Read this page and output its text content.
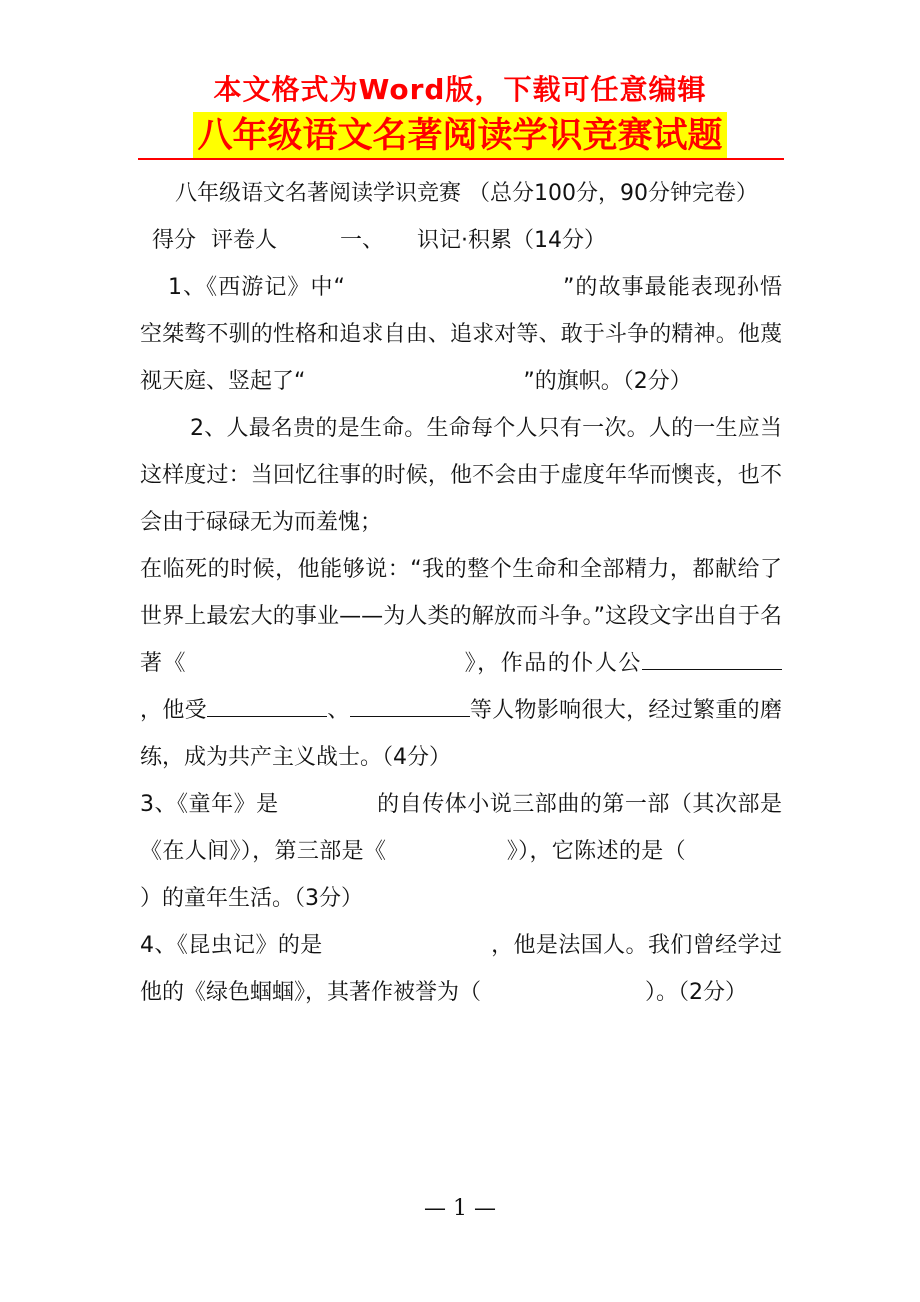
本文格式为Word版，下载可任意编辑
八年级语文名著阅读学识竞赛试题

八年级语文名著阅读学识竞赛 （总分100分，90分钟完卷）

得分 评卷人	一、 识记·积累（14分）

1、《西游记》中“	”的故事最能表现孙悟空桀骜不驯的性格和追求自由、追求对等、敢于斗争的精神。他蔑视天庭、竖起了“	”的旗帜。（2分）

2、人最名贵的是生命。生命每个人只有一次。人的一生应当这样度过：当回忆往事的时候，他不会由于虚度年华而懊丧，也不会由于碌碌无为而羞愧；

在临死的时候，他能够说：“我的整个生命和全部精力，都献给了世界上最宏大的事业——为人类的解放而斗争。”这段文字出自于名著《	》，作品的仆人公，他受	、	等人物影响很大，经过繁重的磨练，成为共产主义战士。（4分）

3、《童年》是	的自传体小说三部曲的第一部（其次部是《在人间》），第三部是《	》），它陈述的是（）的童年生活。（3分）

4、《昆虫记》的是	，他是法国人。我们曾经学过他的《绿色蝈蝈》，其著作被誉为（	）。（2分）

— 1 —
